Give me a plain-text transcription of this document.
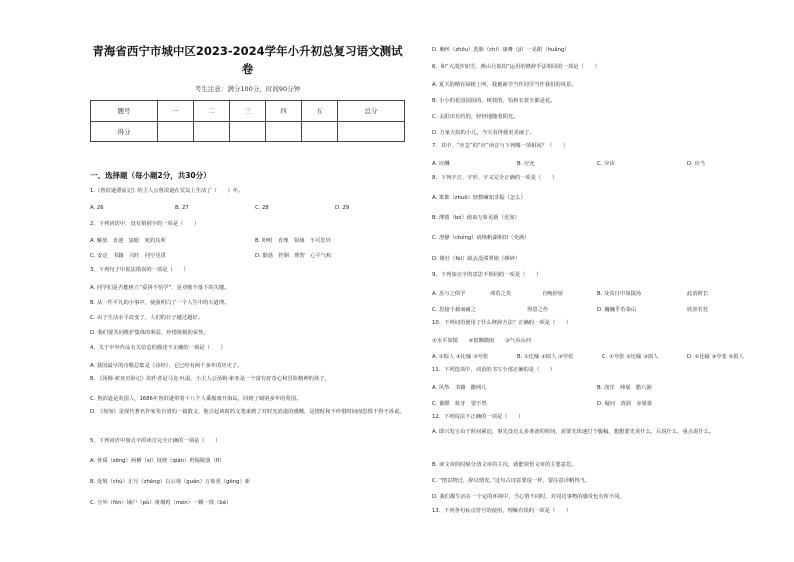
青海省西宁市城中区2023-2024学年小升初总复习语文测试
卷
考生注意：满分100分，时间90分钟
题号	一	二	三	四	五	总分
得分						
一、选择题（每小题2分，共30分）
1.《鲁滨逊漂流记》的主人公鲁滨逊在荒岛上生活了（　　）年。
A. 26	B. 27	C. 28	D. 29
2、下列词语中，没有错别字的一项是（　　）
A. 解放　直迎　泉眼　死的其所	B. 吩咐　直理　领域　不可思异
C. 安定　书籍　兴旺　同空见贯	D. 勤恳　控制　理智　心平气和
3、下列句子中说法错误的一项是（　　）
A. 同学们是否能树立“爱拼不怕学”，是劝勉不落下的关键。
B. 从一件平凡的小事中，使我明白了一个人生中的大道理。
C. 由于生活水平改变了，人们的日子越过越好。
D. 我们要共同维护集体的利益，珍惜班级的荣誉。
4、关于中外作品有关信息的描述不正确的一项是（　　）
A. 我国最早的诗歌总集是《诗经》，它已经有两千多年的历史了。
B. 《汤姆·索亚历险记》的作者是马克·吐温，小主人公汤姆·索亚是一个富有好奇心和冒险精神的孩子。
C. 鲁滨逊是英国人，1686年鲁滨逊带着十八个人乘船离开海岛，回到了阔别多年的英国。
D. 《匆匆》是现代著名作家朱自清的一篇散文，他引起读时的文笔来到了对时光消逝的感慨，是惜时和不珍惜时间而恐惧不得不诉说。
5、下列词语中加点字的读音完全正确的一项是（　　）
A. 骨质（zēng）两栖（xī）枝绕（qiān）坍塌脱落（fǐ）
B. 处境（chù）正月（zhēng）白云观（guàn）万象更（gēng）新
C. 分外（fèn）铺户（pù）黄焖鸡（mèn）一颗一铁（bá）
D. 胸怀（zhōu）洗脸（chí）康膏（jí）一晃眼（huǎng）
6、和“大漠沙如雪，燕山月似钩”运用的修辞手法相同的一项是（　　）
A. 夏天的晴在绿树上叫，我被新学当作同学当作我们的风景。
B. 小小的花园园园的，树枝的，恰和衣裳全都是花。
C. 太阳出有钓的，轻轻地随着阳光。
D. 万家大院的小儿，今天看得使更美丽了。
7、其中，“应急”的“应”读音与下列哪一项相同？（　　）
A. 应酬	B. 应允	C. 应该	D. 应当
8、下列字音、字形、字义完全正确的一项是（　　）
A. 笨拙（zhuō）轻数嘛知非振（怎么）
B. 薄暮（bó）使衰万象更新（更加）
C. 澄静（chéng）请恢帆湖和田（充满）
D. 雄壮（féi）缺丢没滞翠铭（颜碎）
9、下列加点字的意思不相同的一项是（　　）
A. 虽与之俱学	弗若之矣	自晚停留	B. 及其日中如探汤	此消彼长
C. 思接千载而耐之	得意之作	D. 巍巍乎若泰山	欣喜若狂
10、下列词语使用了什么修辞方法？正确的一项是（　　）
①水平如镜　　②窗飘微雨　　③气吞山河
A. ①拟人 ②比喻 ③夸张	B. ①比喻 ②拟人 ③夸张	C. ①夸张 ②比喻 ③拟人	D. ①比喻 ③夸张 ②拟人
11、下列选项中，词语的书写全部正确的是（　　）
A. 风筝　书籍　撒网儿	B. 浇洋　伸展　腊八粥
C. 催酷　蛀牙　要不然	D. 疑问　清洞　赤果果
12、下列说法不正确的一项是（　　）
A. 即兴发言由于时间紧迫，事先没有太多准备的时间，需要先快速打个腹稿，想想要先说什么，后说什么，重点说什么。
B. 读文章的时候分清文章的主次，就能领悟文章的主要意思。
C. “情以物迁，辞以情发。”这句古诗意要说一样，要注意详略得当。
D. 我们都生活在一个定的环境中，当心情不同时，对周边事物的感受也有所不同。
13、下列各句标点符号的使用，理解有误的一项是（　　）
